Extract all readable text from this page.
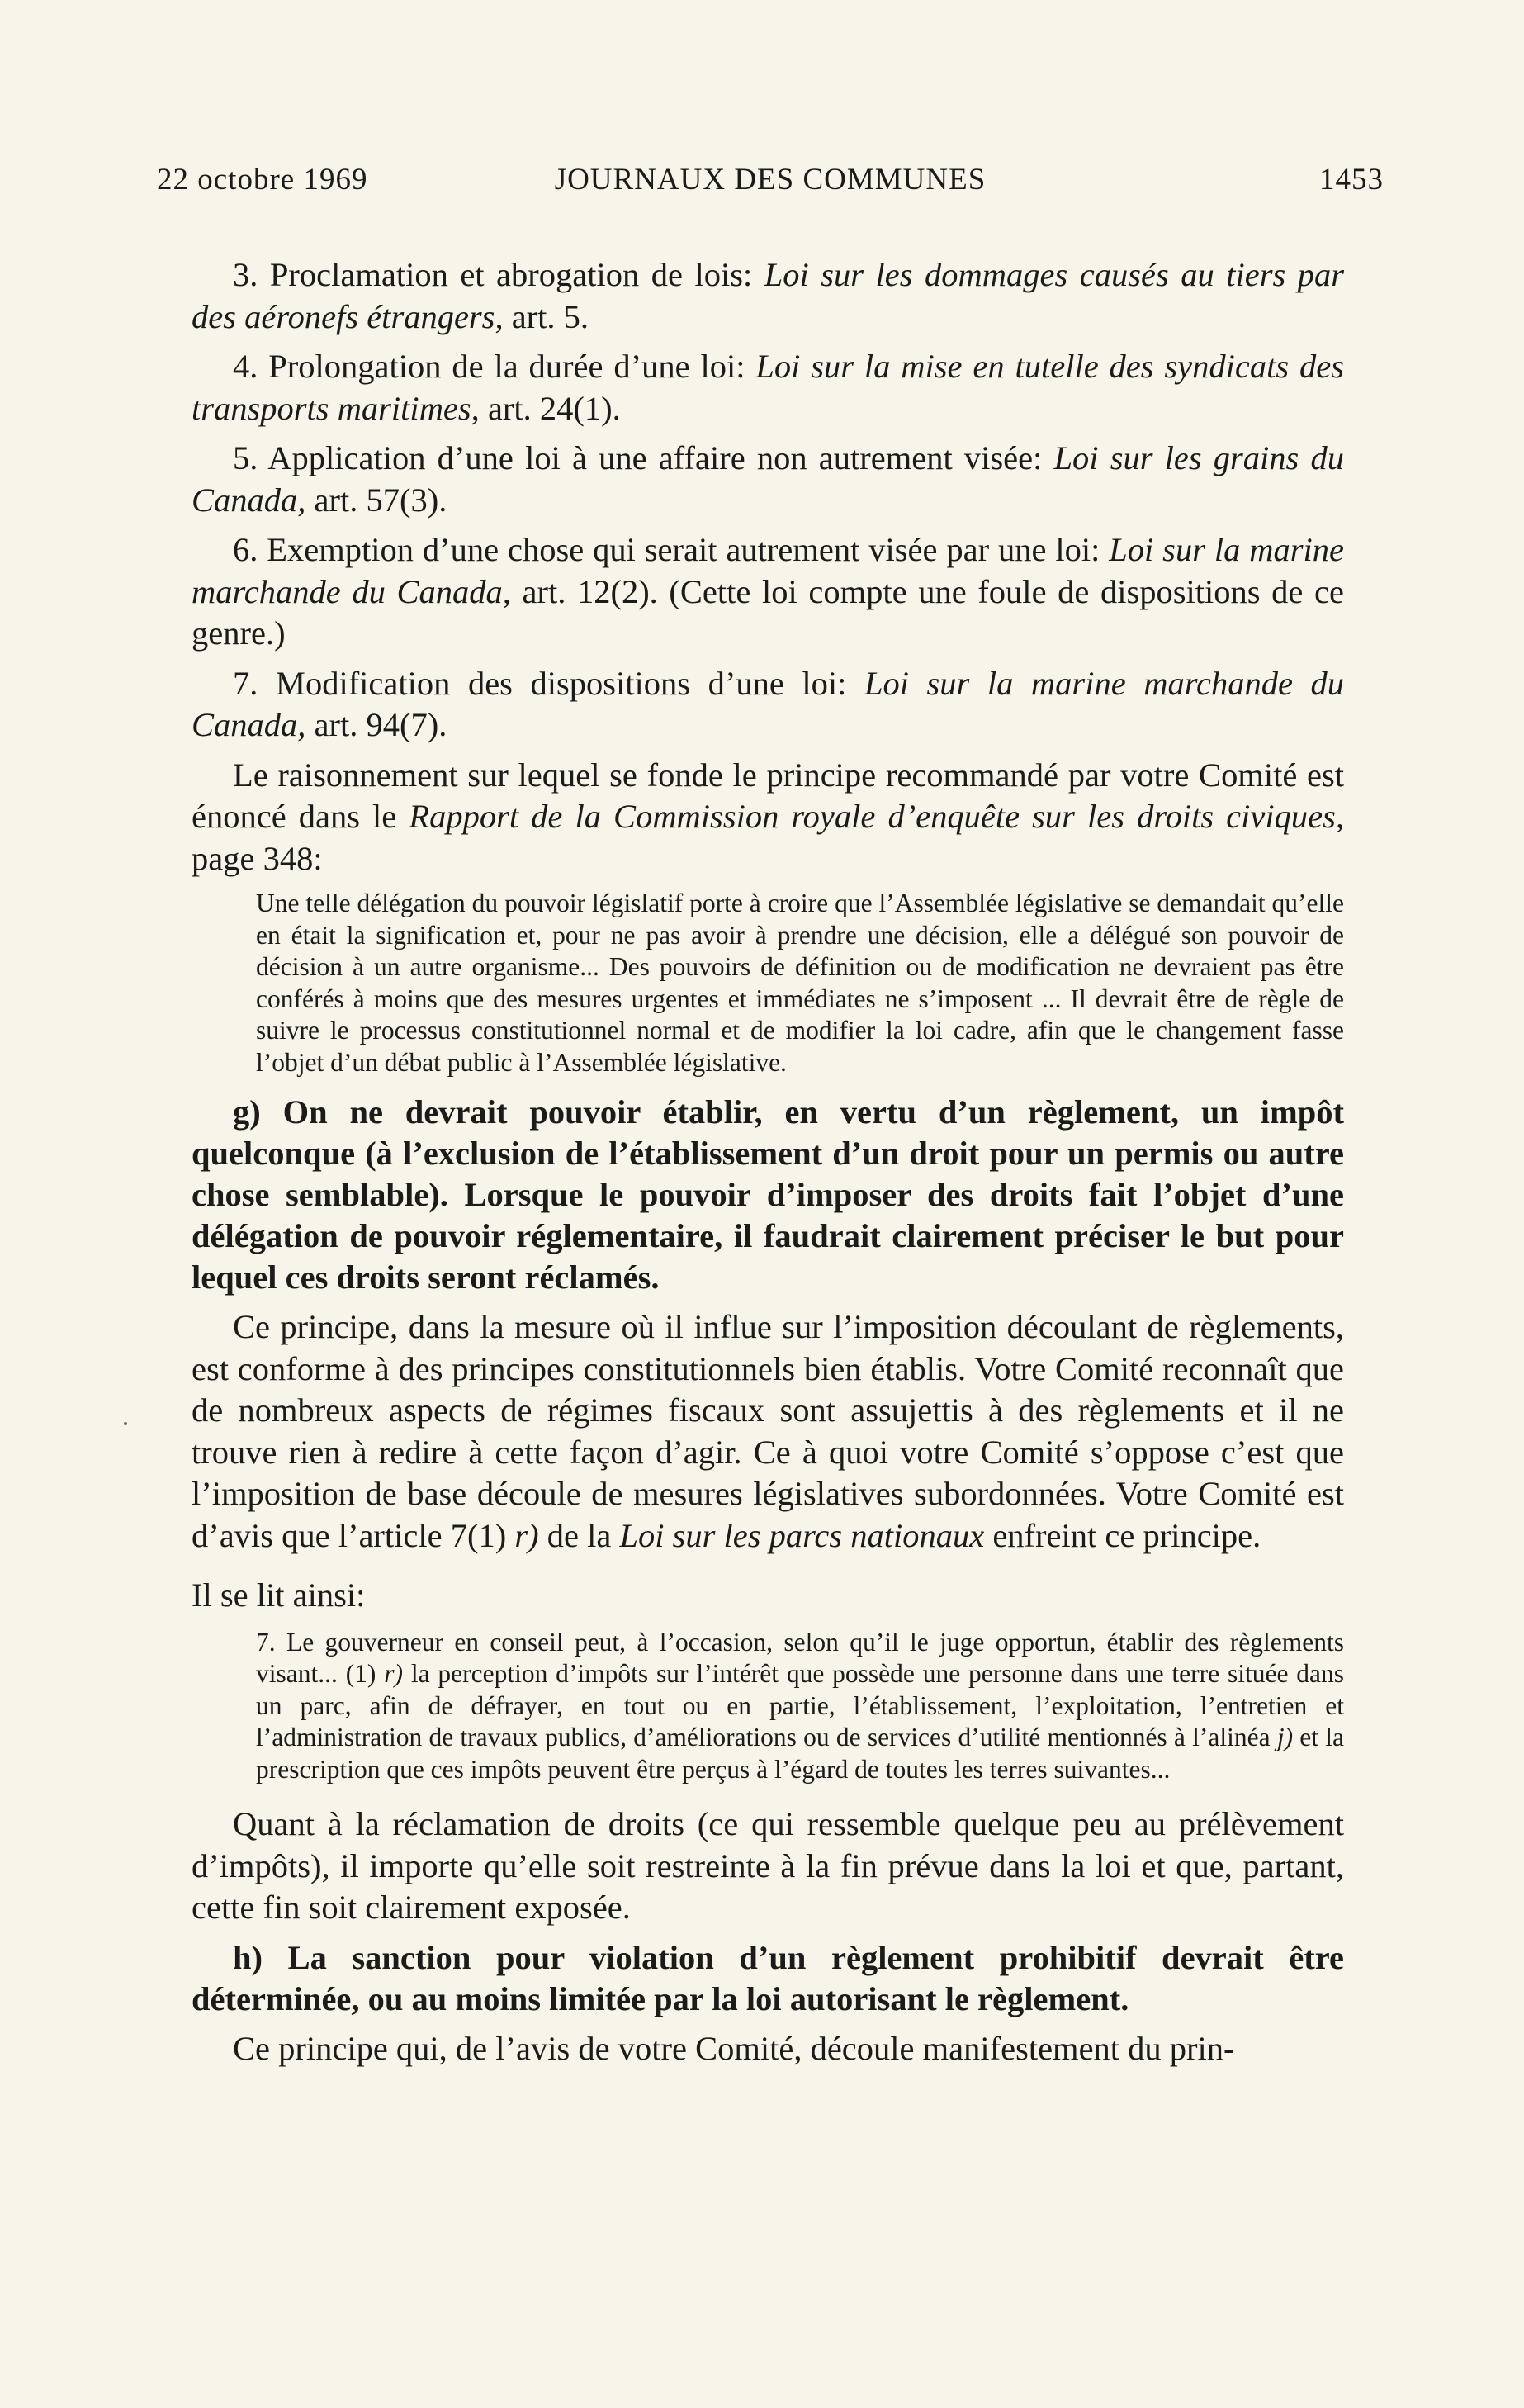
22 octobre 1969	JOURNAUX DES COMMUNES	1453

3. Proclamation et abrogation de lois: Loi sur les dommages causés au tiers par des aéronefs étrangers, art. 5.

4. Prolongation de la durée d’une loi: Loi sur la mise en tutelle des syndicats des transports maritimes, art. 24(1).

5. Application d’une loi à une affaire non autrement visée: Loi sur les grains du Canada, art. 57(3).

6. Exemption d’une chose qui serait autrement visée par une loi: Loi sur la marine marchande du Canada, art. 12(2). (Cette loi compte une foule de dispositions de ce genre.)

7. Modification des dispositions d’une loi: Loi sur la marine marchande du Canada, art. 94(7).

Le raisonnement sur lequel se fonde le principe recommandé par votre Comité est énoncé dans le Rapport de la Commission royale d’enquête sur les droits civiques, page 348:

Une telle délégation du pouvoir législatif porte à croire que l’Assemblée législative se demandait qu’elle en était la signification et, pour ne pas avoir à prendre une décision, elle a délégué son pouvoir de décision à un autre organisme... Des pouvoirs de définition ou de modification ne devraient pas être conférés à moins que des mesures urgentes et immédiates ne s’imposent ... Il devrait être de règle de suivre le processus constitutionnel normal et de modifier la loi cadre, afin que le changement fasse l’objet d’un débat public à l’Assemblée législative.

g) On ne devrait pouvoir établir, en vertu d’un règlement, un impôt quelconque (à l’exclusion de l’établissement d’un droit pour un permis ou autre chose semblable). Lorsque le pouvoir d’imposer des droits fait l’objet d’une délégation de pouvoir réglementaire, il faudrait clairement préciser le but pour lequel ces droits seront réclamés.

Ce principe, dans la mesure où il influe sur l’imposition découlant de règlements, est conforme à des principes constitutionnels bien établis. Votre Comité reconnaît que de nombreux aspects de régimes fiscaux sont assujettis à des règlements et il ne trouve rien à redire à cette façon d’agir. Ce à quoi votre Comité s’oppose c’est que l’imposition de base découle de mesures législatives subordonnées. Votre Comité est d’avis que l’article 7(1) r) de la Loi sur les parcs nationaux enfreint ce principe.

Il se lit ainsi:

7. Le gouverneur en conseil peut, à l’occasion, selon qu’il le juge opportun, établir des règlements visant... (1) r) la perception d’impôts sur l’intérêt que possède une personne dans une terre située dans un parc, afin de défrayer, en tout ou en partie, l’établissement, l’exploitation, l’entretien et l’administration de travaux publics, d’améliorations ou de services d’utilité mentionnés à l’alinéa j) et la prescription que ces impôts peuvent être perçus à l’égard de toutes les terres suivantes...

Quant à la réclamation de droits (ce qui ressemble quelque peu au prélèvement d’impôts), il importe qu’elle soit restreinte à la fin prévue dans la loi et que, partant, cette fin soit clairement exposée.

h) La sanction pour violation d’un règlement prohibitif devrait être déterminée, ou au moins limitée par la loi autorisant le règlement.

Ce principe qui, de l’avis de votre Comité, découle manifestement du prin-
